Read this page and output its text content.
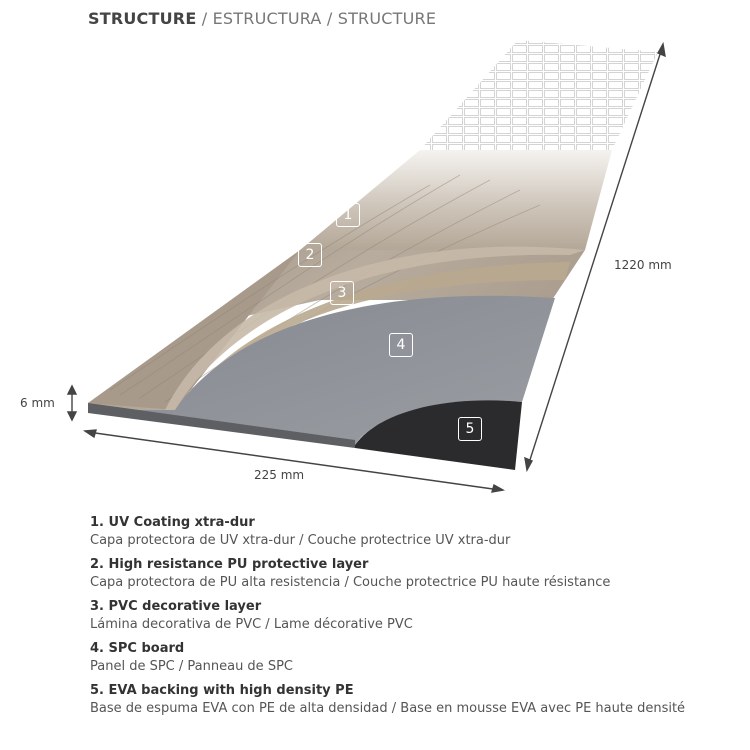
STRUCTURE / ESTRUCTURA / STRUCTURE
1
2
3
4
5
6 mm
225 mm
1220 mm
1. UV Coating xtra-dur
Capa protectora de UV xtra-dur / Couche protectrice UV xtra-dur
2. High resistance PU protective layer
Capa protectora de PU alta resistencia / Couche protectrice PU haute résistance
3. PVC decorative layer
Lámina decorativa de PVC / Lame décorative PVC
4. SPC board
Panel de SPC / Panneau de SPC
5. EVA backing with high density PE
Base de espuma EVA con PE de alta densidad / Base en mousse EVA avec PE haute densité
